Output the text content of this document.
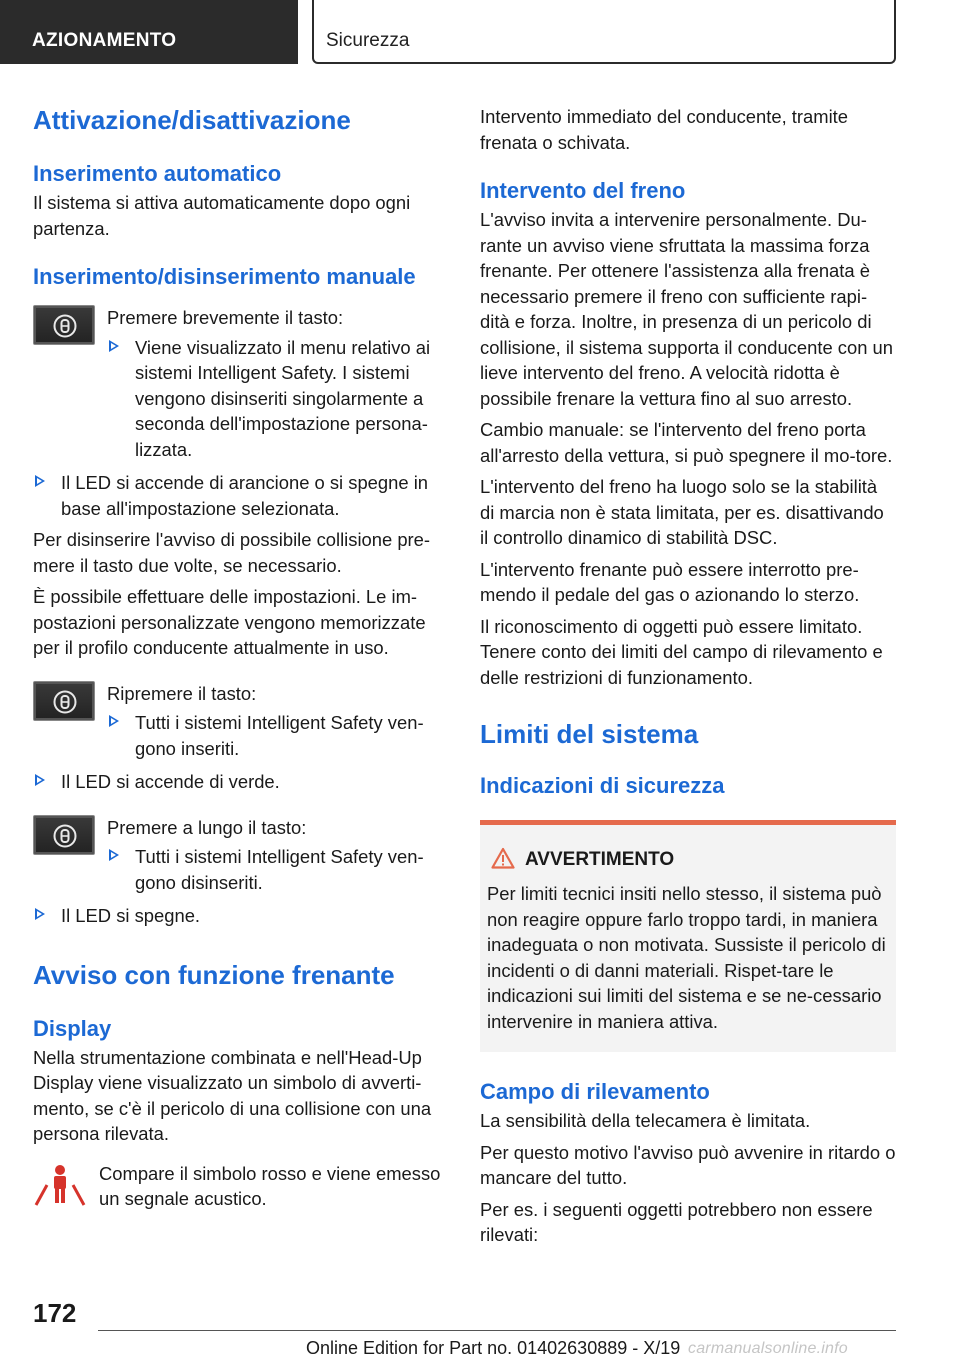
AZIONAMENTO	Sicurezza
Attivazione/disattivazione
Inserimento automatico

Il sistema si attiva automaticamente dopo ogni partenza.

Inserimento/disinserimento manuale

Premere brevemente il tasto:

Viene visualizzato il menu relativo ai sistemi Intelligent Safety. I sistemi vengono disinseriti singolarmente a seconda dell'impostazione persona-lizzata.
Il LED si accende di arancione o si spegne in base all'impostazione selezionata.

Per disinserire l'avviso di possibile collisione pre-mere il tasto due volte, se necessario.

È possibile effettuare delle impostazioni. Le im-postazioni personalizzate vengono memorizzate per il profilo conducente attualmente in uso.

Ripremere il tasto:

Tutti i sistemi Intelligent Safety ven-gono inseriti.
Il LED si accende di verde.

Premere a lungo il tasto:

Tutti i sistemi Intelligent Safety ven-gono disinseriti.
Il LED si spegne.
Avviso con funzione frenante
Display

Nella strumentazione combinata e nell'Head-Up Display viene visualizzato un simbolo di avverti-mento, se c'è il pericolo di una collisione con una persona rilevata.

Compare il simbolo rosso e viene emesso un segnale acustico.

Intervento immediato del conducente, tramite frenata o schivata.

Intervento del freno

L'avviso invita a intervenire personalmente. Du-rante un avviso viene sfruttata la massima forza frenante. Per ottenere l'assistenza alla frenata è necessario premere il freno con sufficiente rapi-dità e forza. Inoltre, in presenza di un pericolo di collisione, il sistema supporta il conducente con un lieve intervento del freno. A velocità ridotta è possibile frenare la vettura fino al suo arresto.

Cambio manuale: se l'intervento del freno porta all'arresto della vettura, si può spegnere il mo-tore.

L'intervento del freno ha luogo solo se la stabilità di marcia non è stata limitata, per es. disattivando il controllo dinamico di stabilità DSC.

L'intervento frenante può essere interrotto pre-mendo il pedale del gas o azionando lo sterzo.

Il riconoscimento di oggetti può essere limitato. Tenere conto dei limiti del campo di rilevamento e delle restrizioni di funzionamento.

Limiti del sistema
Indicazioni di sicurezza
AVVERTIMENTO

Per limiti tecnici insiti nello stesso, il sistema può non reagire oppure farlo troppo tardi, in maniera inadeguata o non motivata. Sussiste il pericolo di incidenti o di danni materiali. Rispet-tare le indicazioni sui limiti del sistema e se ne-cessario intervenire in maniera attiva.

Campo di rilevamento

La sensibilità della telecamera è limitata.

Per questo motivo l'avviso può avvenire in ritardo o mancare del tutto.

Per es. i seguenti oggetti potrebbero non essere rilevati:

172
Online Edition for Part no. 01402630889 - X/19 carmanualsonline.info
